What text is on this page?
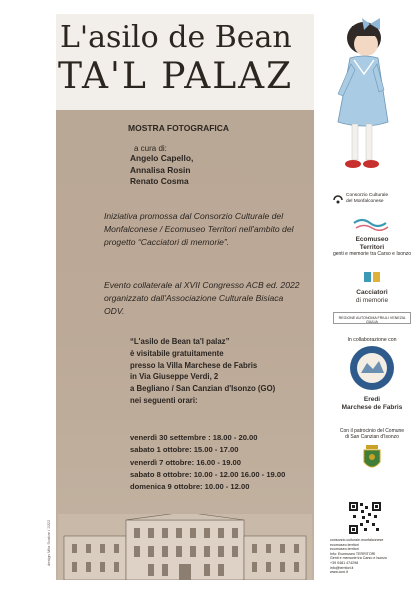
L'asilo de Bean
TA'L PALAZ
MOSTRA FOTOGRAFICA
a cura di:
Angelo Capello,
Annalisa Rosin
Renato Cosma
Iniziativa promossa dal Consorzio Culturale del Monfalconese / Ecomuseo Territori nell'ambito del progetto “Cacciatori di memorie”.
Evento collaterale al XVII Congresso ACB ed. 2022 organizzato dall'Associazione Culturale Bisiaca ODV.
“L'asilo de Bean ta'l palaz”
è visitabile gratuitamente
presso la Villa Marchese de Fabris
in Via Giuseppe Verdi, 2
a Begliano / San Canzian d'Isonzo (GO)
nei seguenti orari:
venerdì 30 settembre : 18.00 - 20.00
sabato 1 ottobre: 15.00 - 17.00
venerdì 7 ottobre: 16.00 - 19.00
sabato 8 ottobre: 10.00 - 12.00 16.00 - 19.00
domenica 9 ottobre: 10.00 - 12.00
design Mila Scabar / 2022
Consorzio Culturale
del Monfalconese
Ecomuseo
Territori
genti e memorie tra Carso e Isonzo
Cacciatori
di memorie
REGIONE AUTONOMA FRIULI VENEZIA GIULIA
In collaborazione con
Eredi
Marchese de Fabris
Con il patrocinio del Comune
di San Canzian d'Isonzo
consorzio.culturale.monfalconese
ecomuseo.territori
ecomuseo.territori
Info: Ecomuseo TERRITORI
Genti e memorie tra Carso e Isonzo
+39 0481 474298
info@territori.it
www.ccm.it
